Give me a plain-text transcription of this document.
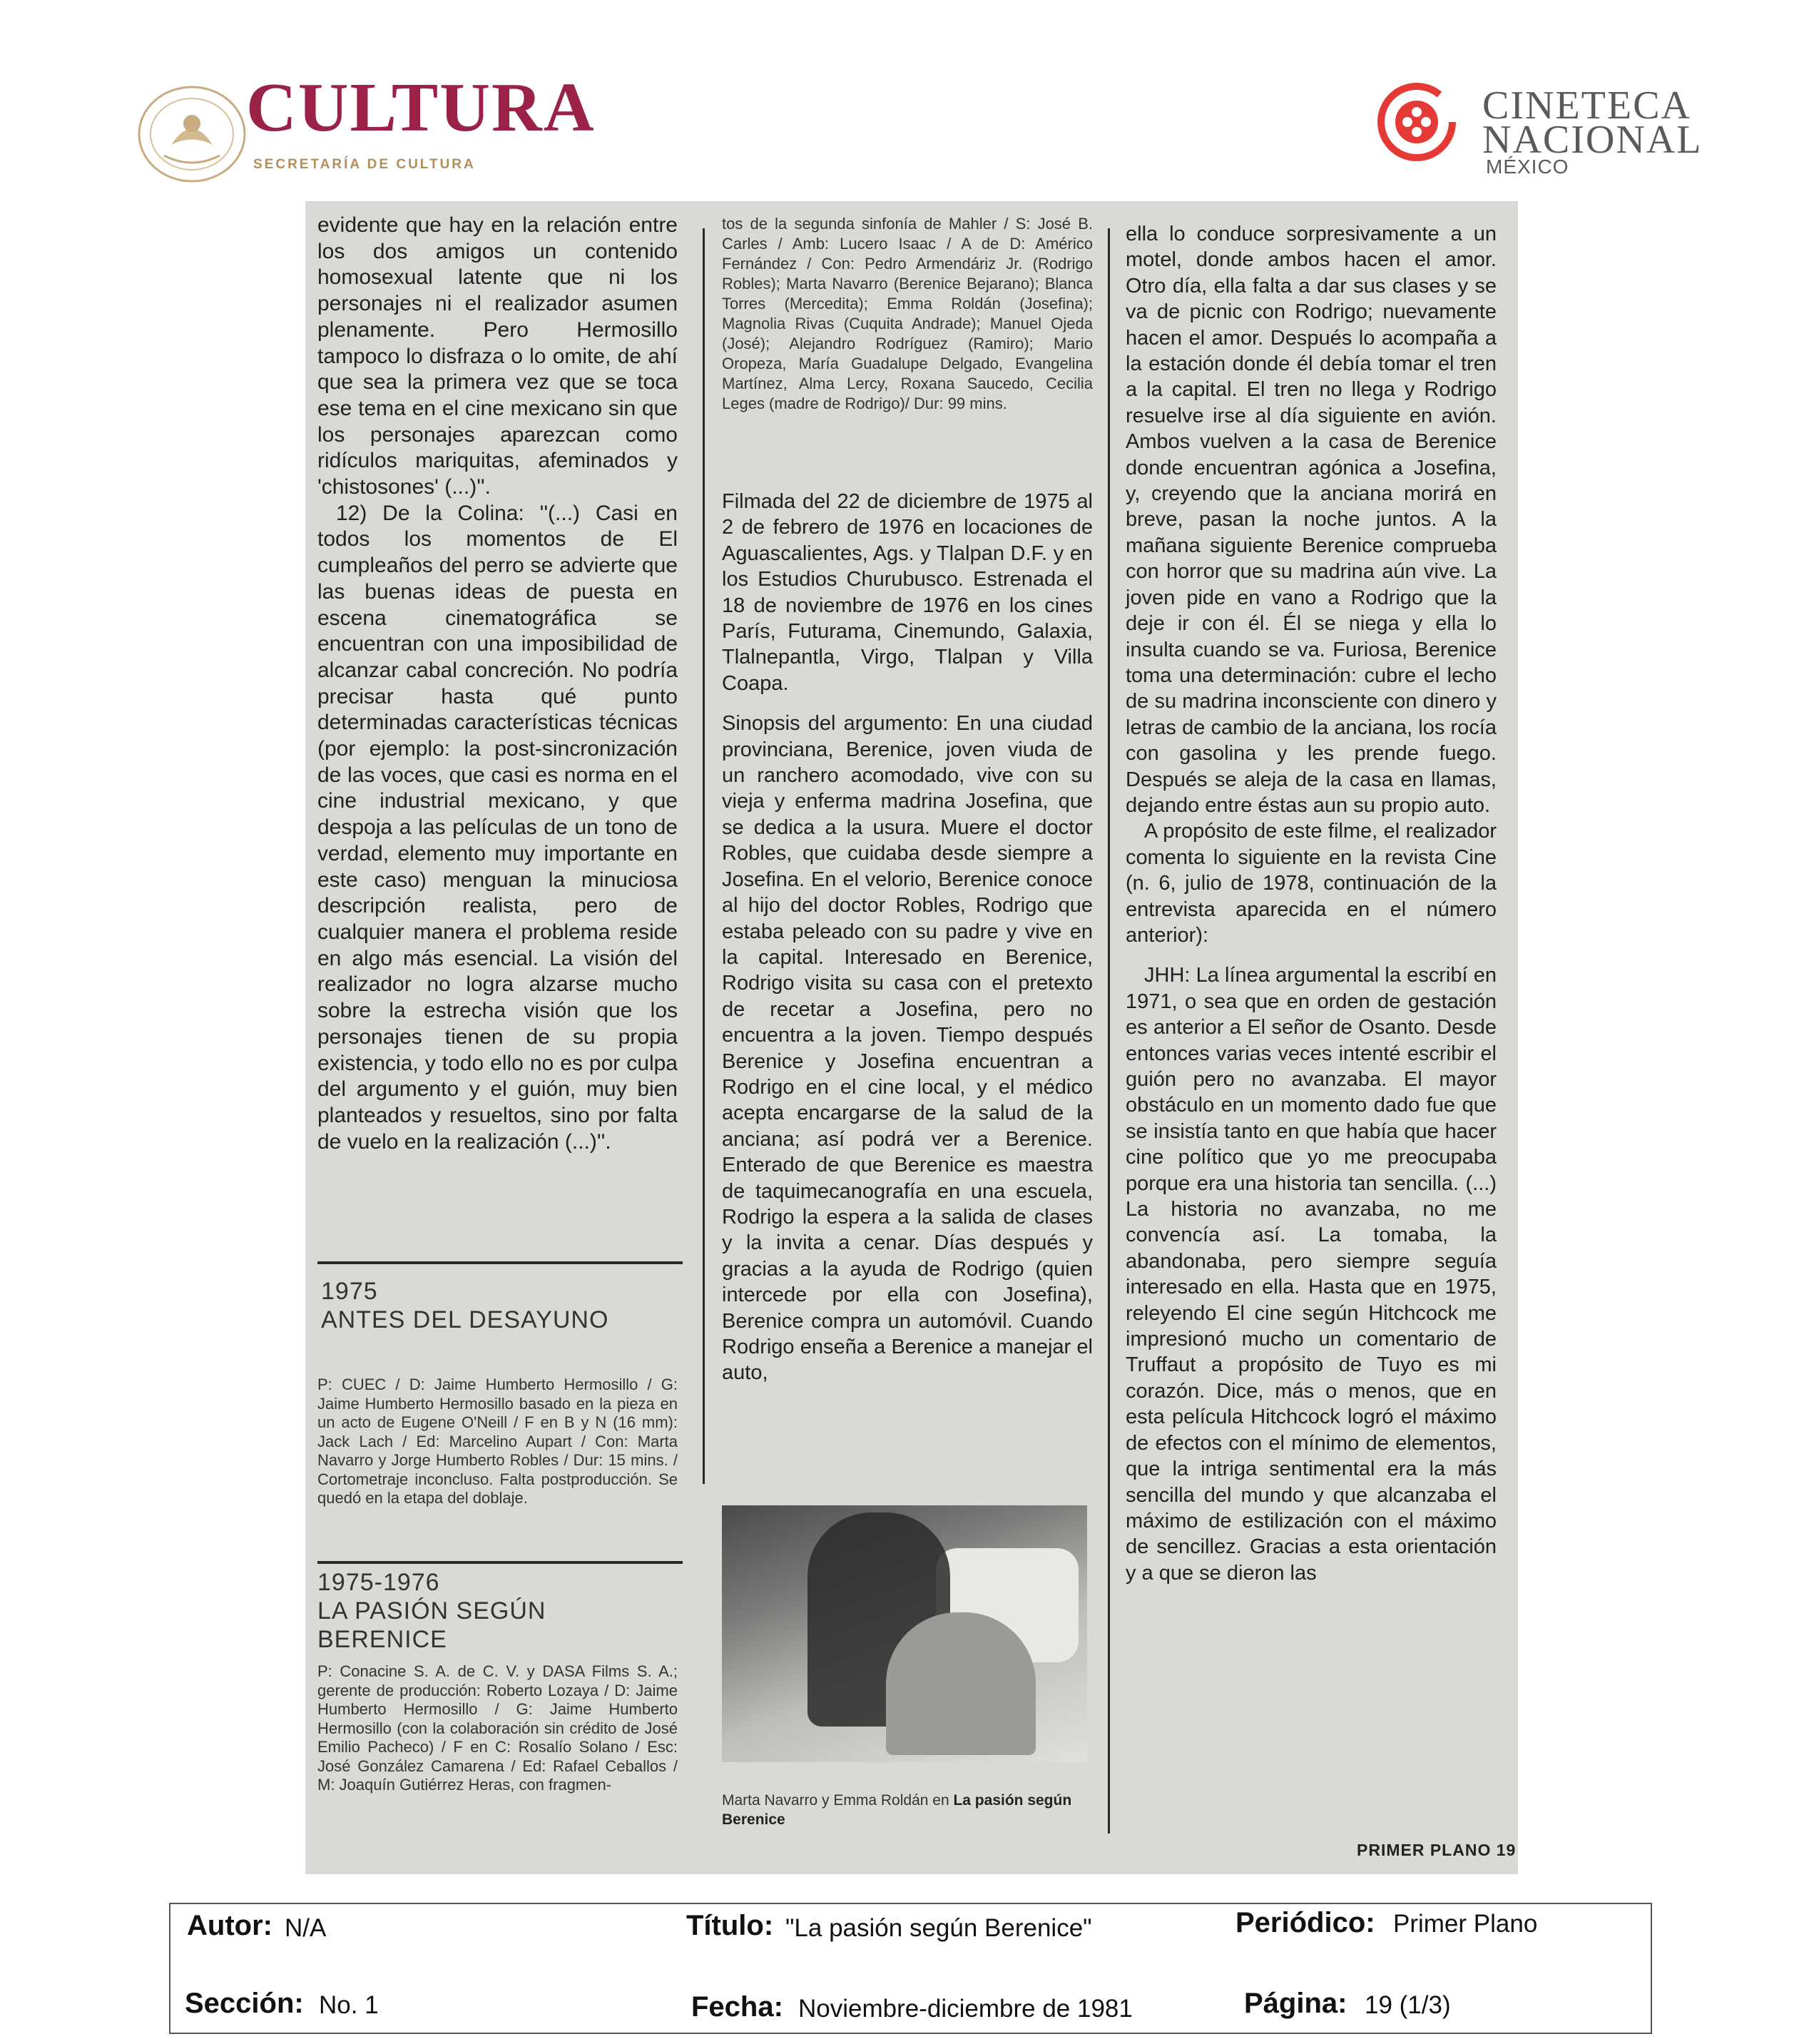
CULTURA
SECRETARÍA DE CULTURA
CINETECA
NACIONAL
MÉXICO

evidente que hay en la relación entre los dos amigos un contenido homosexual latente que ni los personajes ni el realizador asumen plenamente. Pero Hermosillo tampoco lo disfraza o lo omite, de ahí que sea la primera vez que se toca ese tema en el cine mexicano sin que los personajes aparezcan como ridículos mariquitas, afeminados y 'chistosones' (...)''.

12) De la Colina: ''(...) Casi en todos los momentos de El cumpleaños del perro se advierte que las buenas ideas de puesta en escena cinematográfica se encuentran con una imposibilidad de alcanzar cabal concreción. No podría precisar hasta qué punto determinadas características técnicas (por ejemplo: la post-sincronización de las voces, que casi es norma en el cine industrial mexicano, y que despoja a las películas de un tono de verdad, elemento muy importante en este caso) menguan la minuciosa descripción realista, pero de cualquier manera el problema reside en algo más esencial. La visión del realizador no logra alzarse mucho sobre la estrecha visión que los personajes tienen de su propia existencia, y todo ello no es por culpa del argumento y el guión, muy bien planteados y resueltos, sino por falta de vuelo en la realización (...)''.

1975
ANTES DEL DESAYUNO
P: CUEC / D: Jaime Humberto Hermosillo / G: Jaime Humberto Hermosillo basado en la pieza en un acto de Eugene O'Neill / F en B y N (16 mm): Jack Lach / Ed: Marcelino Aupart / Con: Marta Navarro y Jorge Humberto Robles / Dur: 15 mins. / Cortometraje inconcluso. Falta postproducción. Se quedó en la etapa del doblaje.
1975-1976
LA PASIÓN SEGÚN
BERENICE
P: Conacine S. A. de C. V. y DASA Films S. A.; gerente de producción: Roberto Lozaya / D: Jaime Humberto Hermosillo / G: Jaime Humberto Hermosillo (con la colaboración sin crédito de José Emilio Pacheco) / F en C: Rosalío Solano / Esc: José González Camarena / Ed: Rafael Ceballos / M: Joaquín Gutiérrez Heras, con fragmen-
tos de la segunda sinfonía de Mahler / S: José B. Carles / Amb: Lucero Isaac / A de D: Américo Fernández / Con: Pedro Armendáriz Jr. (Rodrigo Robles); Marta Navarro (Berenice Bejarano); Blanca Torres (Mercedita); Emma Roldán (Josefina); Magnolia Rivas (Cuquita Andrade); Manuel Ojeda (José); Alejandro Rodríguez (Ramiro); Mario Oropeza, María Guadalupe Delgado, Evangelina Martínez, Alma Lercy, Roxana Saucedo, Cecilia Leges (madre de Rodrigo)/ Dur: 99 mins.

Filmada del 22 de diciembre de 1975 al 2 de febrero de 1976 en locaciones de Aguascalientes, Ags. y Tlalpan D.F. y en los Estudios Churubusco. Estrenada el 18 de noviembre de 1976 en los cines París, Futurama, Cinemundo, Galaxia, Tlalnepantla, Virgo, Tlalpan y Villa Coapa.

Sinopsis del argumento: En una ciudad provinciana, Berenice, joven viuda de un ranchero acomodado, vive con su vieja y enferma madrina Josefina, que se dedica a la usura. Muere el doctor Robles, que cuidaba desde siempre a Josefina. En el velorio, Berenice conoce al hijo del doctor Robles, Rodrigo que estaba peleado con su padre y vive en la capital. Interesado en Berenice, Rodrigo visita su casa con el pretexto de recetar a Josefina, pero no encuentra a la joven. Tiempo después Berenice y Josefina encuentran a Rodrigo en el cine local, y el médico acepta encargarse de la salud de la anciana; así podrá ver a Berenice. Enterado de que Berenice es maestra de taquimecanografía en una escuela, Rodrigo la espera a la salida de clases y la invita a cenar. Días después y gracias a la ayuda de Rodrigo (quien intercede por ella con Josefina), Berenice compra un automóvil. Cuando Rodrigo enseña a Berenice a manejar el auto,

Marta Navarro y Emma Roldán en La pasión según Berenice

ella lo conduce sorpresivamente a un motel, donde ambos hacen el amor. Otro día, ella falta a dar sus clases y se va de picnic con Rodrigo; nuevamente hacen el amor. Después lo acompaña a la estación donde él debía tomar el tren a la capital. El tren no llega y Rodrigo resuelve irse al día siguiente en avión. Ambos vuelven a la casa de Berenice donde encuentran agónica a Josefina, y, creyendo que la anciana morirá en breve, pasan la noche juntos. A la mañana siguiente Berenice comprueba con horror que su madrina aún vive. La joven pide en vano a Rodrigo que la deje ir con él. Él se niega y ella lo insulta cuando se va. Furiosa, Berenice toma una determinación: cubre el lecho de su madrina inconsciente con dinero y letras de cambio de la anciana, los rocía con gasolina y les prende fuego. Después se aleja de la casa en llamas, dejando entre éstas aun su propio auto.

A propósito de este filme, el realizador comenta lo siguiente en la revista Cine (n. 6, julio de 1978, continuación de la entrevista aparecida en el número anterior):

JHH: La línea argumental la escribí en 1971, o sea que en orden de gestación es anterior a El señor de Osanto. Desde entonces varias veces intenté escribir el guión pero no avanzaba. El mayor obstáculo en un momento dado fue que se insistía tanto en que había que hacer cine político que yo me preocupaba porque era una historia tan sencilla. (...) La historia no avanzaba, no me convencía así. La tomaba, la abandonaba, pero siempre seguía interesado en ella. Hasta que en 1975, releyendo El cine según Hitchcock me impresionó mucho un comentario de Truffaut a propósito de Tuyo es mi corazón. Dice, más o menos, que en esta película Hitchcock logró el máximo de efectos con el mínimo de elementos, que la intriga sentimental era la más sencilla del mundo y que alcanzaba el máximo de estilización con el máximo de sencillez. Gracias a esta orientación y a que se dieron las

PRIMER PLANO 19
Autor: N/A	Título: "La pasión según Berenice"	Periódico: Primer Plano
Sección: No. 1	Fecha: Noviembre-diciembre de 1981	Página: 19 (1/3)
